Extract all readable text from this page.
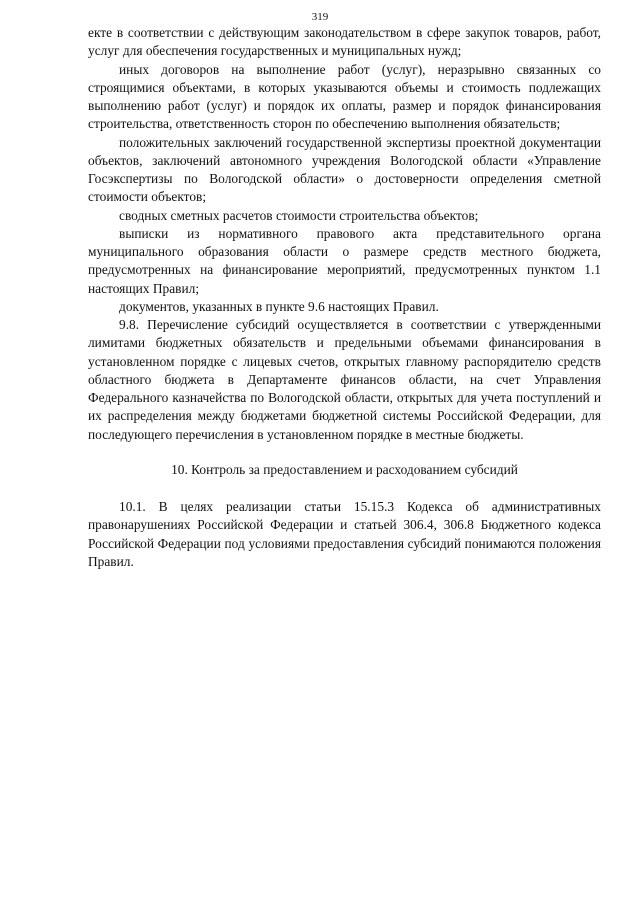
319

екте в соответствии с действующим законодательством в сфере закупок товаров, работ, услуг для обеспечения государственных и муниципальных нужд;

иных договоров на выполнение работ (услуг), неразрывно связанных со строящимися объектами, в которых указываются объемы и стоимость подлежащих выполнению работ (услуг) и порядок их оплаты, размер и порядок финансирования строительства, ответственность сторон по обеспечению выполнения обязательств;

положительных заключений государственной экспертизы проектной документации объектов, заключений автономного учреждения Вологодской области «Управление Госэкспертизы по Вологодской области» о достоверности определения сметной стоимости объектов;

сводных сметных расчетов стоимости строительства объектов;

выписки из нормативного правового акта представительного органа муниципального образования области о размере средств местного бюджета, предусмотренных на финансирование мероприятий, предусмотренных пунктом 1.1 настоящих Правил;

документов, указанных в пункте 9.6 настоящих Правил.

9.8. Перечисление субсидий осуществляется в соответствии с утвержденными лимитами бюджетных обязательств и предельными объемами финансирования в установленном порядке с лицевых счетов, открытых главному распорядителю средств областного бюджета в Департаменте финансов области, на счет Управления Федерального казначейства по Вологодской области, открытых для учета поступлений и их распределения между бюджетами бюджетной системы Российской Федерации, для последующего перечисления в установленном порядке в местные бюджеты.

10. Контроль за предоставлением и расходованием субсидий

10.1. В целях реализации статьи 15.15.3 Кодекса об административных правонарушениях Российской Федерации и статьей 306.4, 306.8 Бюджетного кодекса Российской Федерации под условиями предоставления субсидий понимаются положения Правил.
